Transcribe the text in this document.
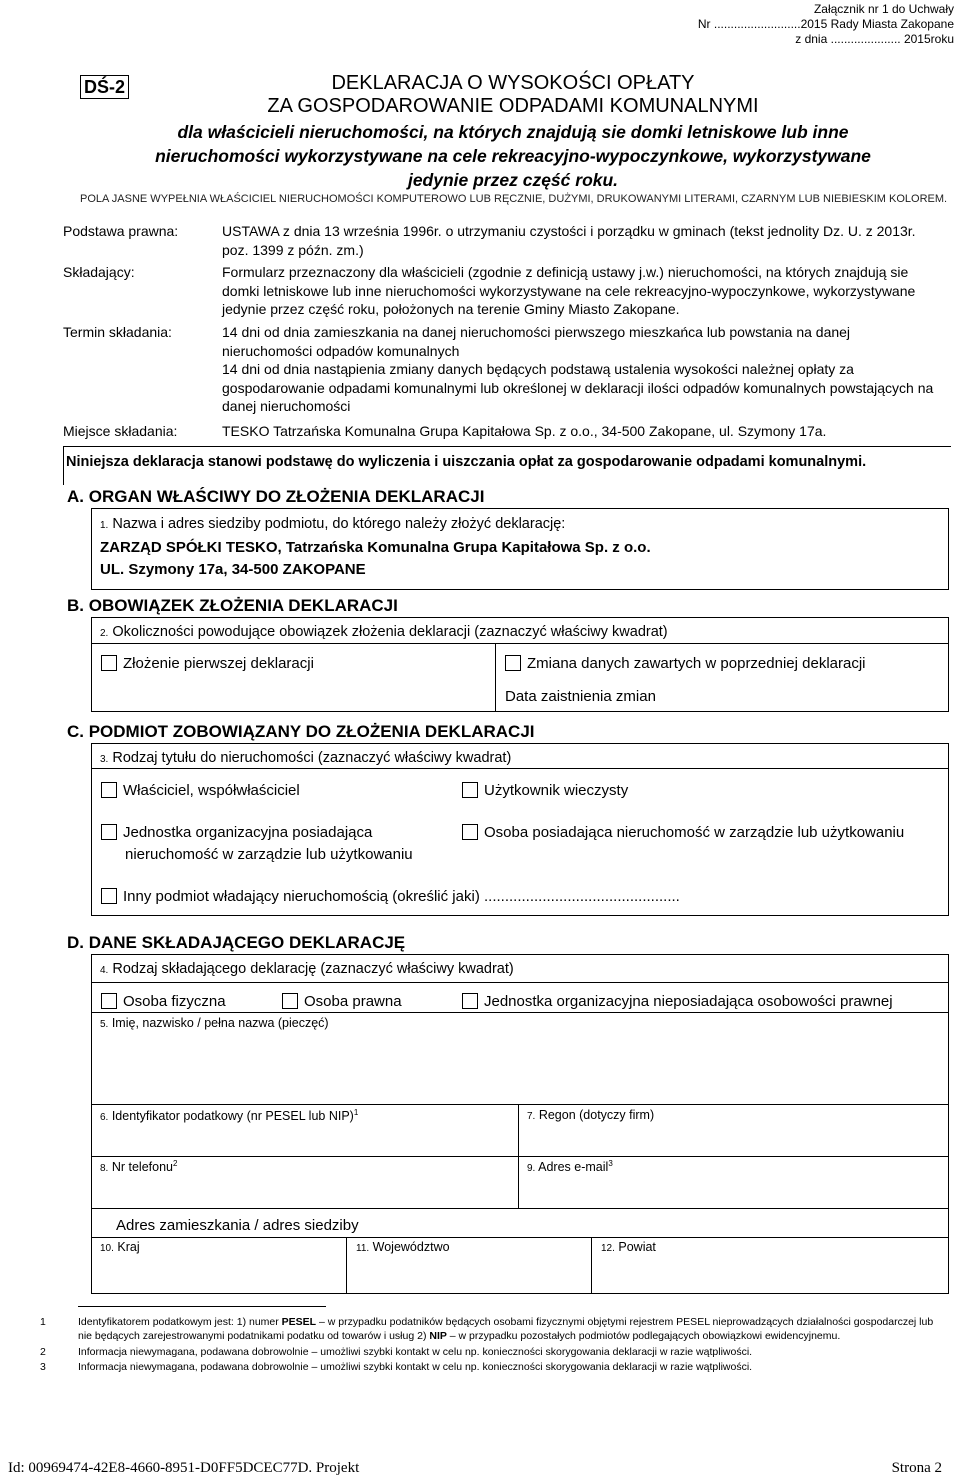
Załącznik nr 1 do Uchwały
Nr ..........................2015 Rady Miasta Zakopane
z dnia ..................... 2015roku
DŚ-2	DEKLARACJA O WYSOKOŚCI OPŁATY
ZA GOSPODAROWANIE ODPADAMI KOMUNALNYMI
dla właścicieli nieruchomości, na których znajdują sie domki letniskowe lub inne
nieruchomości wykorzystywane na cele rekreacyjno-wypoczynkowe, wykorzystywane
jedynie przez część roku.
POLA JASNE WYPEŁNIA WŁAŚCICIEL NIERUCHOMOŚCI KOMPUTEROWO LUB RĘCZNIE, DUŻYMI, DRUKOWANYMI LITERAMI, CZARNYM LUB NIEBIESKIM KOLOREM.
Podstawa prawna:	USTAWA z dnia 13 września 1996r. o utrzymaniu czystości i porządku w gminach (tekst jednolity Dz. U. z 2013r.
poz. 1399 z późn. zm.)
Składający:	Formularz przeznaczony dla właścicieli (zgodnie z definicją ustawy j.w.) nieruchomości, na których znajdują sie
domki letniskowe lub inne nieruchomości wykorzystywane na cele rekreacyjno-wypoczynkowe, wykorzystywane
jedynie przez część roku, położonych na terenie Gminy Miasto Zakopane.
Termin składania:	14 dni od dnia zamieszkania na danej nieruchomości pierwszego mieszkańca lub powstania na danej
nieruchomości odpadów komunalnych
14 dni od dnia nastąpienia zmiany danych będących podstawą ustalenia wysokości należnej opłaty za
gospodarowanie odpadami komunalnymi lub określonej w deklaracji ilości odpadów komunalnych powstających na
danej nieruchomości
Miejsce składania:	TESKO Tatrzańska Komunalna Grupa Kapitałowa Sp. z o.o., 34-500 Zakopane, ul. Szymony 17a.
Niniejsza deklaracja stanowi podstawę do wyliczenia i uiszczania opłat za gospodarowanie odpadami komunalnymi.
A. ORGAN WŁAŚCIWY DO ZŁOŻENIA DEKLARACJI
1. Nazwa i adres siedziby podmiotu, do którego należy złożyć deklarację:
ZARZĄD SPÓŁKI TESKO, Tatrzańska Komunalna Grupa Kapitałowa Sp. z o.o.
UL. Szymony 17a, 34-500 ZAKOPANE
B. OBOWIĄZEK ZŁOŻENIA DEKLARACJI
2. Okoliczności powodujące obowiązek złożenia deklaracji (zaznaczyć właściwy kwadrat)
Złożenie pierwszej deklaracji	Zmiana danych zawartych w poprzedniej deklaracji
Data zaistnienia zmian
C. PODMIOT ZOBOWIĄZANY DO ZŁOŻENIA DEKLARACJI
3. Rodzaj tytułu do nieruchomości (zaznaczyć właściwy kwadrat)
Właściciel, współwłaściciel	Użytkownik wieczysty
Jednostka organizacyjna posiadająca
nieruchomość w zarządzie lub użytkowaniu
Osoba posiadająca nieruchomość w zarządzie lub użytkowaniu
Inny podmiot władający nieruchomością (określić jaki) ...............................................
D. DANE SKŁADAJĄCEGO DEKLARACJĘ
4. Rodzaj składającego deklarację (zaznaczyć właściwy kwadrat)
Osoba fizyczna	Osoba prawna	Jednostka organizacyjna nieposiadająca osobowości prawnej
5. Imię, nazwisko / pełna nazwa (pieczęć)
6. Identyfikator podatkowy (nr PESEL lub NIP)$^1$	7. Regon (dotyczy firm)
8. Nr telefonu$^2$	9. Adres e-mail$^3$
Adres zamieszkania / adres siedziby
10. Kraj	11. Województwo	12. Powiat
1	Identyfikatorem podatkowym jest: 1) numer PESEL – w przypadku podatników będących osobami fizycznymi objętymi rejestrem PESEL nieprowadzących działalności gospodarczej lub nie będących zarejestrowanymi podatnikami podatku od towarów i usług 2) NIP – w przypadku pozostałych podmiotów podlegających obowiązkowi ewidencyjnemu.
2	Informacja niewymagana, podawana dobrowolnie – umożliwi szybki kontakt w celu np. konieczności skorygowania deklaracji w razie wątpliwości.
3	Informacja niewymagana, podawana dobrowolnie – umożliwi szybki kontakt w celu np. konieczności skorygowania deklaracji w razie wątpliwości.
Id: 00969474-42E8-4660-8951-D0FF5DCEC77D. Projekt	Strona 2
